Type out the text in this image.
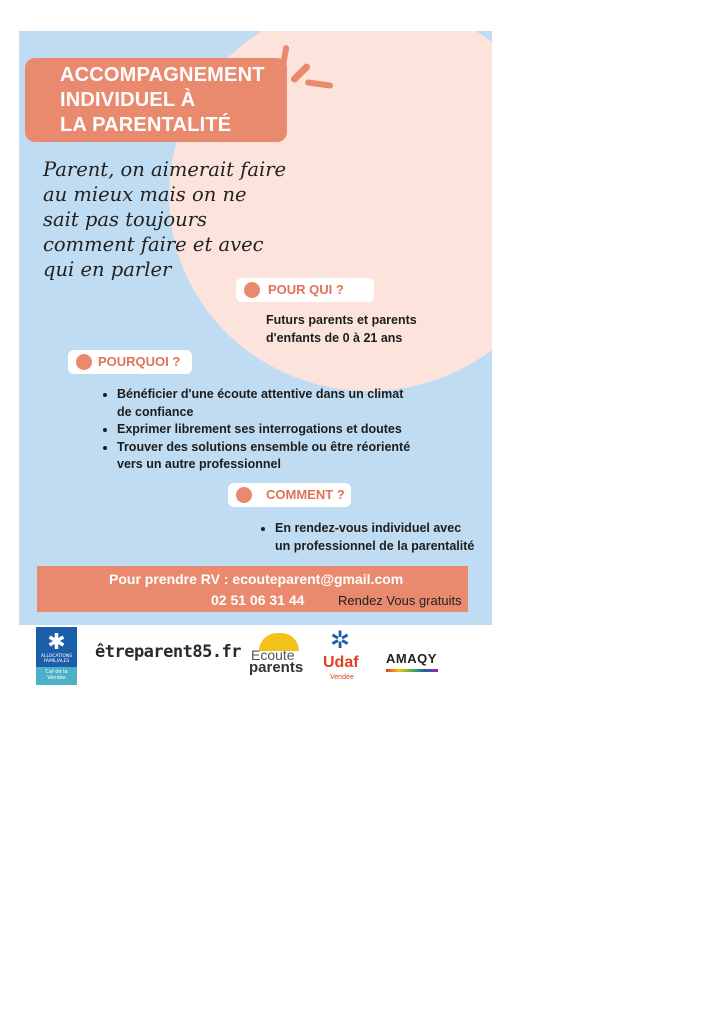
ACCOMPAGNEMENT
INDIVIDUEL À
LA PARENTALITÉ
Parent, on aimerait faire
au mieux mais on ne
sait pas toujours
comment faire et avec
qui en parler
POUR QUI ?
Futurs parents et parents
d'enfants de 0 à 21 ans
POURQUOI ?
• Bénéficier d'une écoute attentive dans un climat
de confiance
• Exprimer librement ses interrogations et doutes
• Trouver des solutions ensemble ou être réorienté
vers un autre professionnel
COMMENT ?
• En rendez-vous individuel avec
un professionnel de la parentalité
Pour prendre RV : ecouteparent@gmail.com
02 51 06 31 44	Rendez Vous gratuits
✱
ALLOCATIONS FAMILIALES
Caf de la Vendée
êtreparent85.fr Ecoute
parents
✲
Udaf
Vendée
AMAQY
